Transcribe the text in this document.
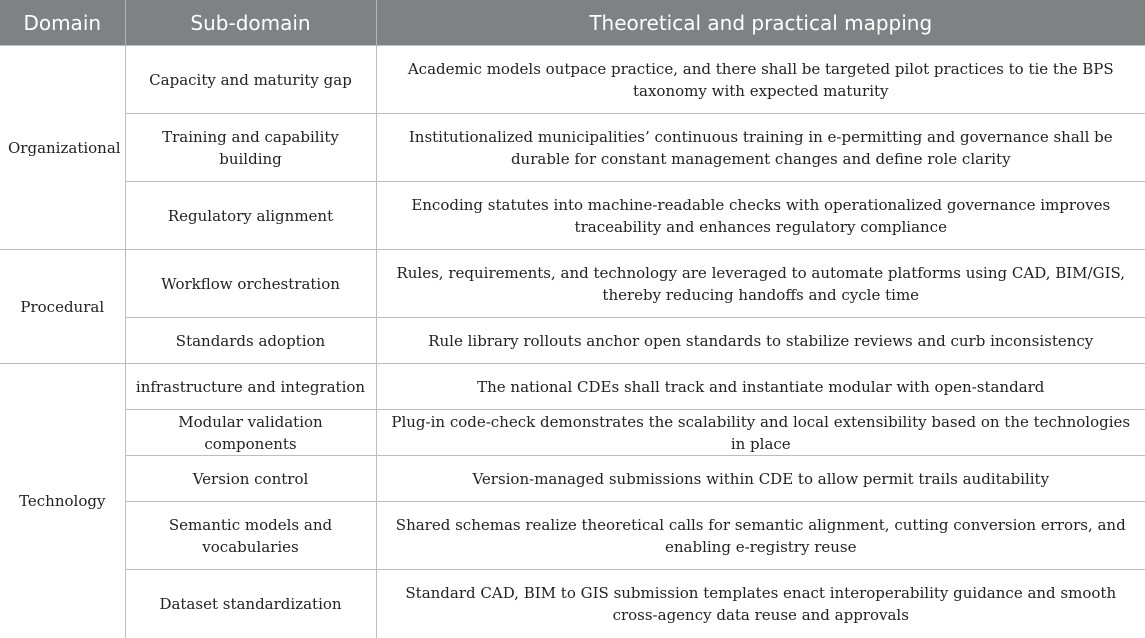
Domain	Sub-domain	Theoretical and practical mapping
Organizational	Capacity and maturity gap	Academic models outpace practice, and there shall be targeted pilot practices to tie the BPS taxonomy with expected maturity
	Training and capability building	Institutionalized municipalities’ continuous training in e-permitting and governance shall be durable for constant management changes and define role clarity
	Regulatory alignment	Encoding statutes into machine-readable checks with operationalized governance improves traceability and enhances regulatory compliance
Procedural	Workflow orchestration	Rules, requirements, and technology are leveraged to automate platforms using CAD, BIM/GIS, thereby reducing handoffs and cycle time
	Standards adoption	Rule library rollouts anchor open standards to stabilize reviews and curb inconsistency
Technology	infrastructure and integration	The national CDEs shall track and instantiate modular with open-standard
	Modular validation components	Plug-in code-check demonstrates the scalability and local extensibility based on the technologies in place
	Version control	Version-managed submissions within CDE to allow permit trails auditability
	Semantic models and vocabularies	Shared schemas realize theoretical calls for semantic alignment, cutting conversion errors, and enabling e-registry reuse
	Dataset standardization	Standard CAD, BIM to GIS submission templates enact interoperability guidance and smooth cross-agency data reuse and approvals
